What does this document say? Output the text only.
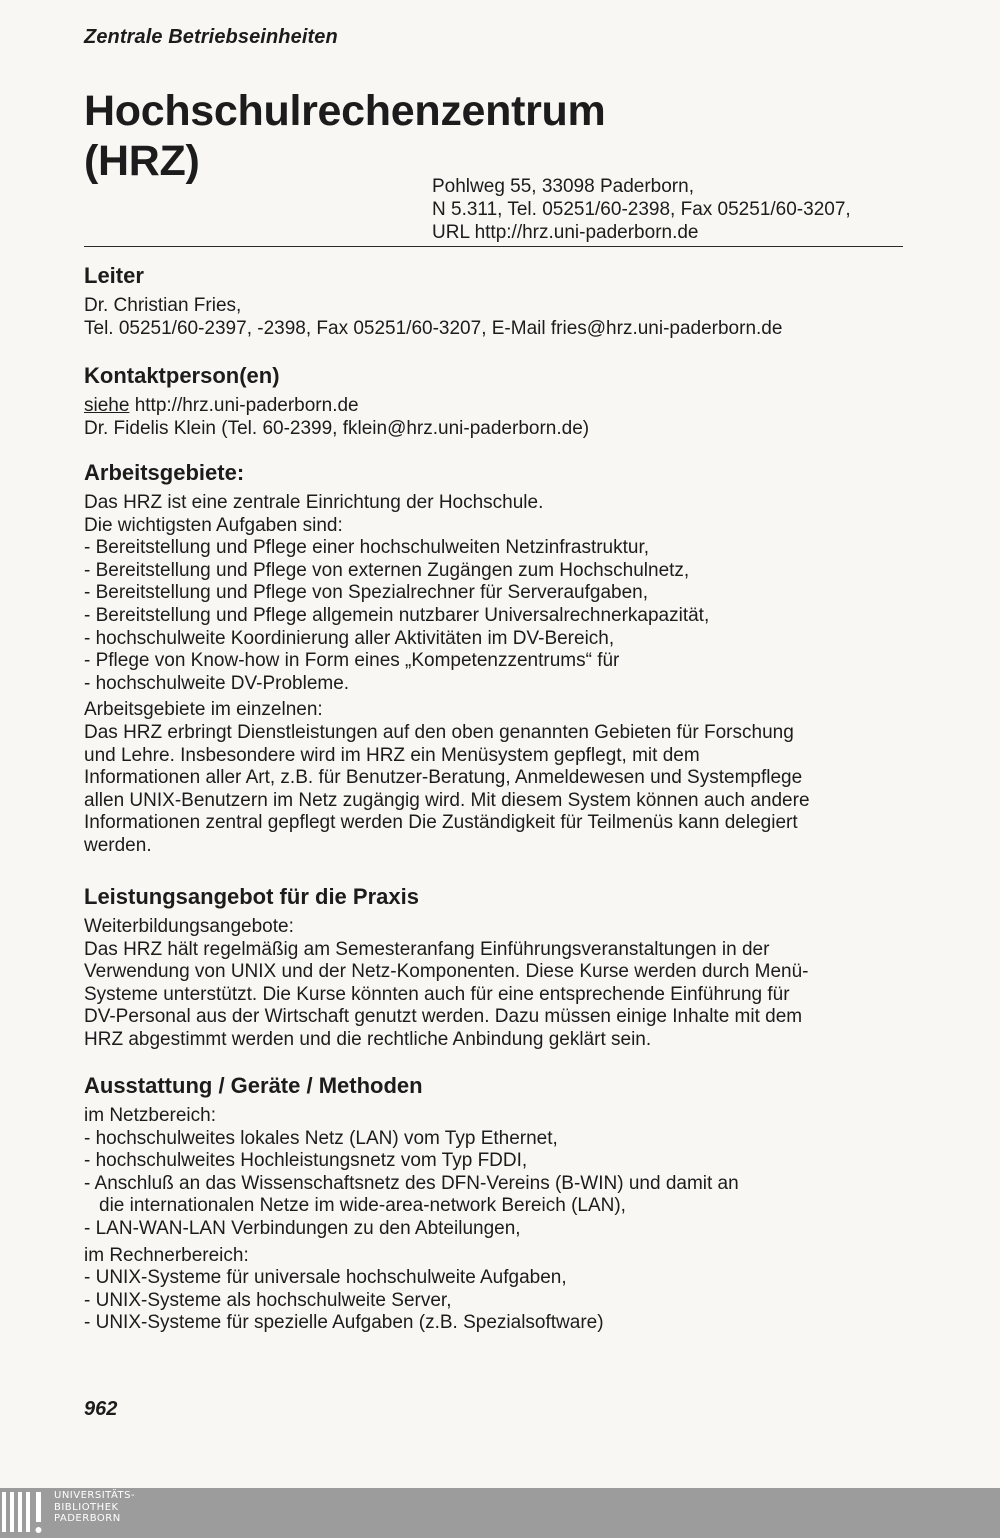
Zentrale Betriebseinheiten
Hochschulrechenzentrum
(HRZ)
Pohlweg 55, 33098 Paderborn,
N 5.311, Tel. 05251/60-2398, Fax 05251/60-3207,
URL http://hrz.uni-paderborn.de
Leiter
Dr. Christian Fries,
Tel. 05251/60-2397, -2398, Fax 05251/60-3207, E-Mail fries@hrz.uni-paderborn.de
Kontaktperson(en)
siehe http://hrz.uni-paderborn.de
Dr. Fidelis Klein (Tel. 60-2399, fklein@hrz.uni-paderborn.de)
Arbeitsgebiete:
Das HRZ ist eine zentrale Einrichtung der Hochschule.
Die wichtigsten Aufgaben sind:
- Bereitstellung und Pflege einer hochschulweiten Netzinfrastruktur,
- Bereitstellung und Pflege von externen Zugängen zum Hochschulnetz,
- Bereitstellung und Pflege von Spezialrechner für Serveraufgaben,
- Bereitstellung und Pflege allgemein nutzbarer Universalrechnerkapazität,
- hochschulweite Koordinierung aller Aktivitäten im DV-Bereich,
- Pflege von Know-how in Form eines „Kompetenzzentrums“ für
- hochschulweite DV-Probleme.
Arbeitsgebiete im einzelnen:
Das HRZ erbringt Dienstleistungen auf den oben genannten Gebieten für Forschung
und Lehre. Insbesondere wird im HRZ ein Menüsystem gepflegt, mit dem
Informationen aller Art, z.B. für Benutzer-Beratung, Anmeldewesen und Systempflege
allen UNIX-Benutzern im Netz zugängig wird. Mit diesem System können auch andere
Informationen zentral gepflegt werden Die Zuständigkeit für Teilmenüs kann delegiert
werden.
Leistungsangebot für die Praxis
Weiterbildungsangebote:
Das HRZ hält regelmäßig am Semesteranfang Einführungsveranstaltungen in der
Verwendung von UNIX und der Netz-Komponenten. Diese Kurse werden durch Menü-
Systeme unterstützt. Die Kurse könnten auch für eine entsprechende Einführung für
DV-Personal aus der Wirtschaft genutzt werden. Dazu müssen einige Inhalte mit dem
HRZ abgestimmt werden und die rechtliche Anbindung geklärt sein.
Ausstattung / Geräte / Methoden
im Netzbereich:
- hochschulweites lokales Netz (LAN) vom Typ Ethernet,
- hochschulweites Hochleistungsnetz vom Typ FDDI,
- Anschluß an das Wissenschaftsnetz des DFN-Vereins (B-WIN) und damit an
die internationalen Netze im wide-area-network Bereich (LAN),
- LAN-WAN-LAN Verbindungen zu den Abteilungen,
im Rechnerbereich:
- UNIX-Systeme für universale hochschulweite Aufgaben,
- UNIX-Systeme als hochschulweite Server,
- UNIX-Systeme für spezielle Aufgaben (z.B. Spezialsoftware)
962
UNIVERSITÄTS-
BIBLIOTHEK
PADERBORN
